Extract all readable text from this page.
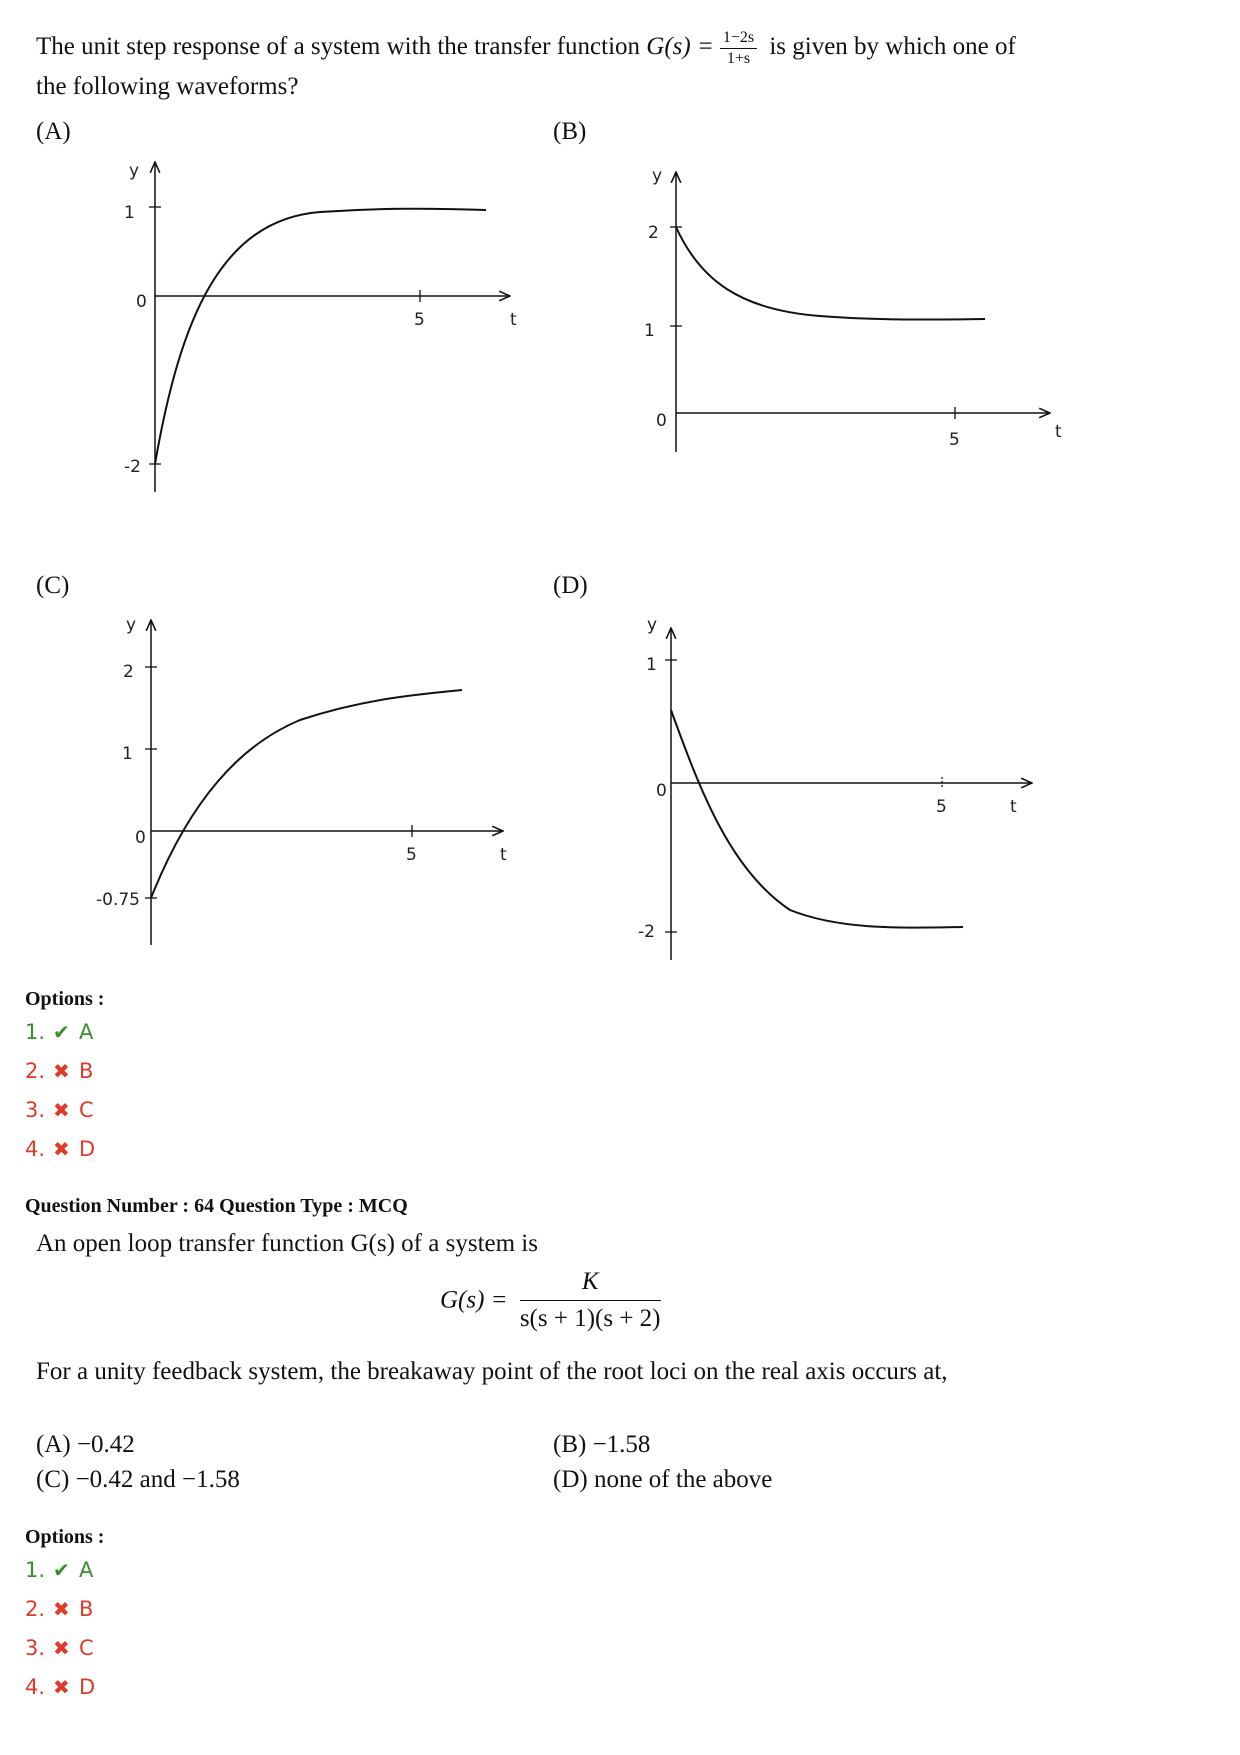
The unit step response of a system with the transfer function $G(s) = \frac{1-2s}{1+s}$ is given by which one of
the following waveforms?
(A)	(B)
(C)	(D)
y
1
0
-2
5	t
y
2
1
0
5	t
y
2
1
0
-0.75
5	t
y
1
0
-2
5	t
Options :
1. ✔ A
2. ✖ B
3. ✖ C
4. ✖ D
Question Number : 64 Question Type : MCQ
An open loop transfer function G(s) of a system is
$G(s) = \frac{K}{s(s + 1)(s + 2)}$
For a unity feedback system, the breakaway point of the root loci on the real axis occurs at,
(A) −0.42	(B) −1.58
(C) −0.42 and −1.58	(D) none of the above
Options :
1. ✔ A
2. ✖ B
3. ✖ C
4. ✖ D
